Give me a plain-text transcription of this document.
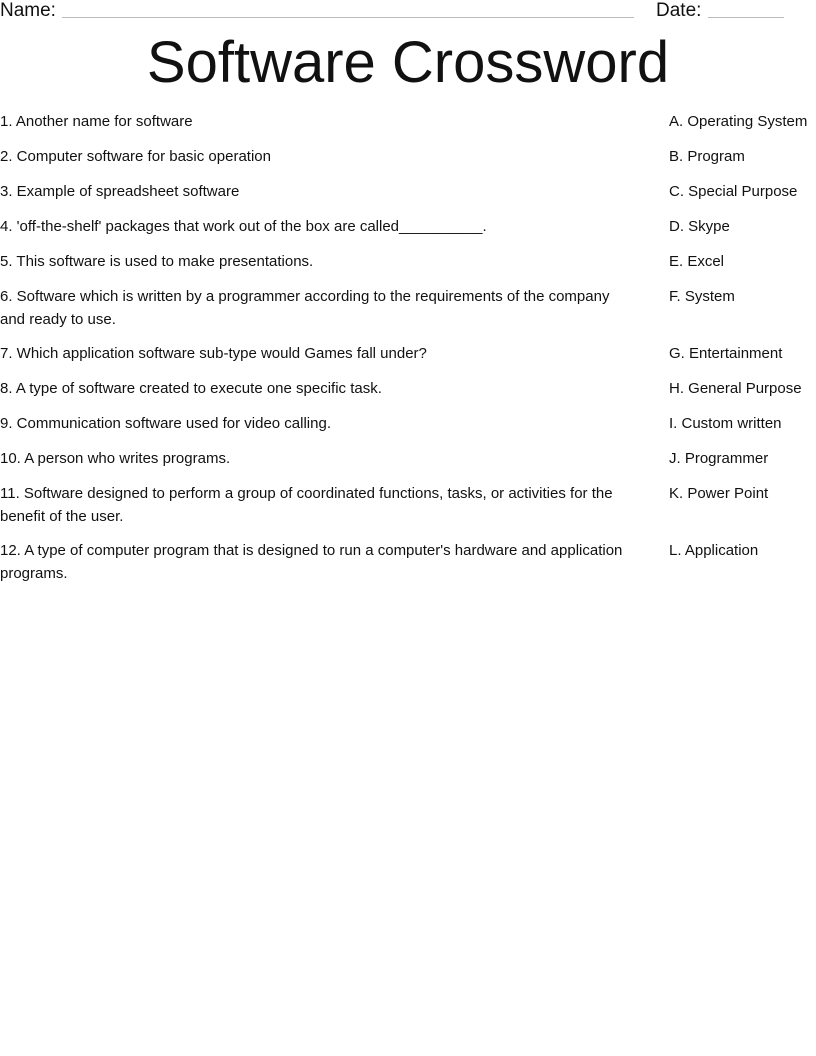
Name:	Date:
Software Crossword

1. Another name for software

2. Computer software for basic operation

3. Example of spreadsheet software

4. 'off-the-shelf' packages that work out of the box are called__________.

5. This software is used to make presentations.

6. Software which is written by a programmer according to the requirements of the company and ready to use.

7. Which application software sub-type would Games fall under?

8. A type of software created to execute one specific task.

9. Communication software used for video calling.

10. A person who writes programs.

11. Software designed to perform a group of coordinated functions, tasks, or activities for the benefit of the user.

12. A type of computer program that is designed to run a computer's hardware and application programs.

A. Operating System

B. Program

C. Special Purpose

D. Skype

E. Excel

F. System

G. Entertainment

H. General Purpose

I. Custom written

J. Programmer

K. Power Point

L. Application
